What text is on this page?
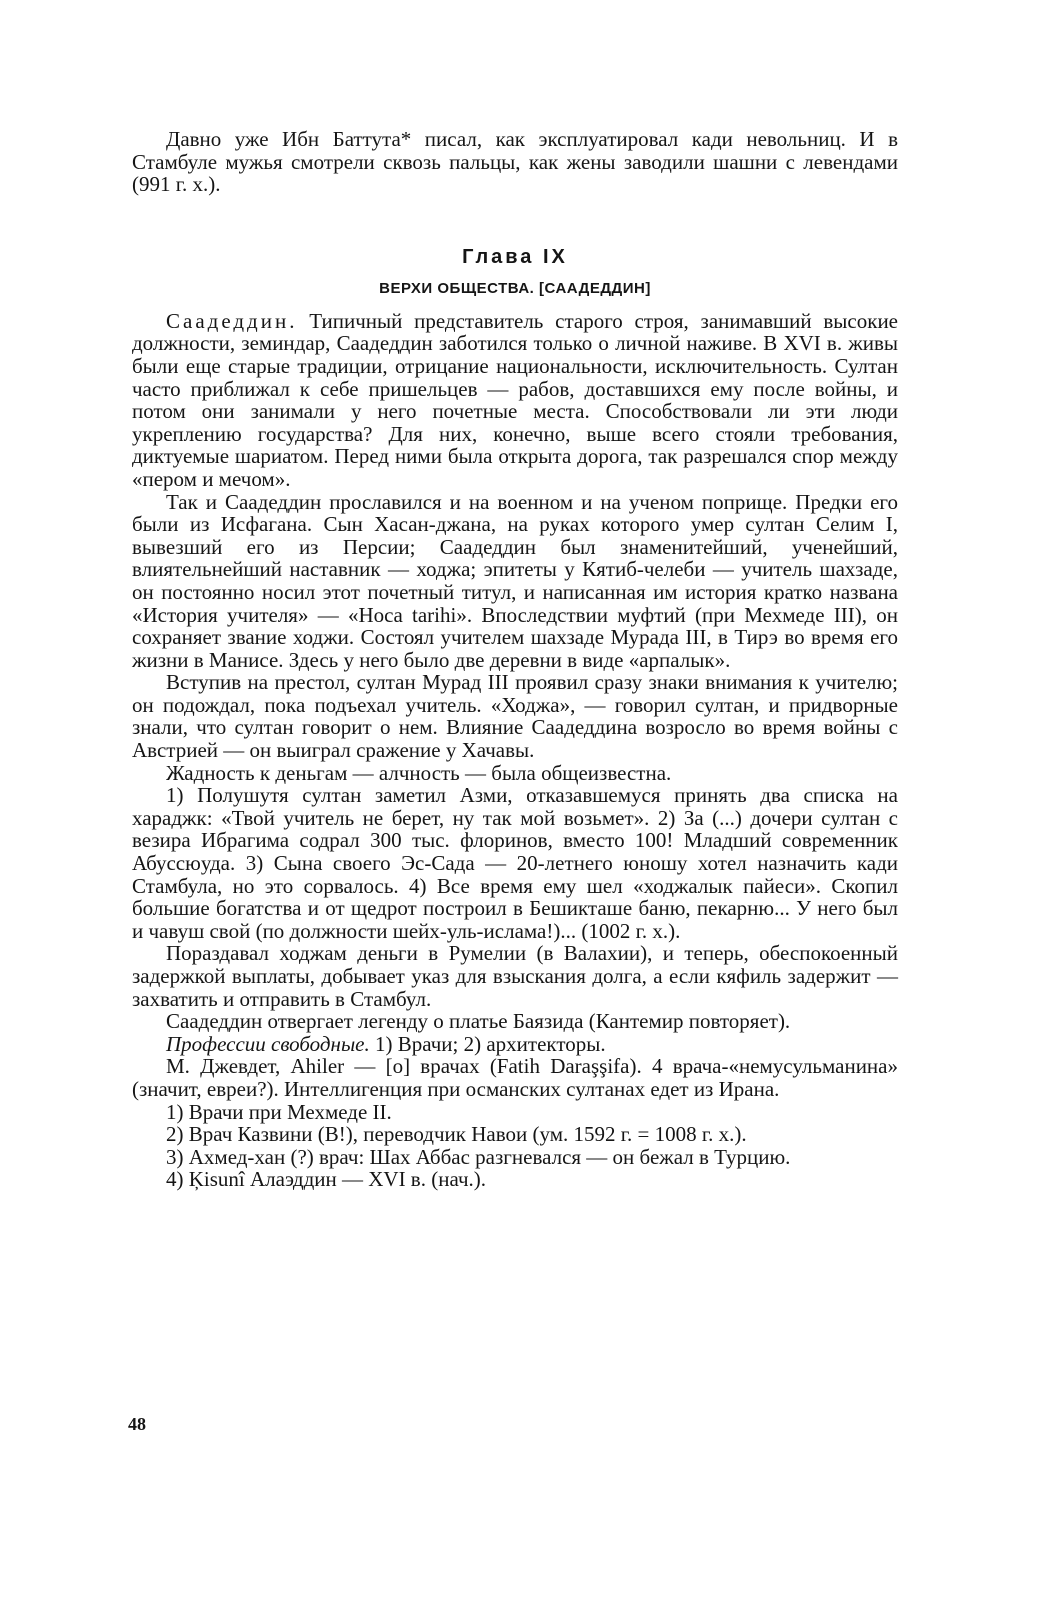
Давно уже Ибн Баттута* писал, как эксплуатировал кади невольниц. И в Стамбуле мужья смотрели сквозь пальцы, как жены заводили шашни с левендами (991 г. х.).

Глава IX
ВЕРХИ ОБЩЕСТВА. [СААДЕДДИН]

Саадеддин. Типичный представитель старого строя, занимавший высокие должности, земиндар, Саадеддин заботился только о личной наживе. В XVI в. живы были еще старые традиции, отрицание национальности, исключительность. Султан часто приближал к себе пришельцев — рабов, доставшихся ему после войны, и потом они занимали у него почетные места. Способствовали ли эти люди укреплению государства? Для них, конечно, выше всего стояли требования, диктуемые шариатом. Перед ними была открыта дорога, так разрешался спор между «пером и мечом».

Так и Саадеддин прославился и на военном и на ученом поприще. Предки его были из Исфагана. Сын Хасан-джана, на руках которого умер султан Селим I, вывезший его из Персии; Саадеддин был знаменитейший, ученейший, влиятельнейший наставник — ходжа; эпитеты у Кятиб-челеби — учитель шахзаде, он постоянно носил этот почетный титул, и написанная им история кратко названа «История учителя» — «Hoca tarihi». Впоследствии муфтий (при Мехмеде III), он сохраняет звание ходжи. Состоял учителем шахзаде Мурада III, в Тирэ во время его жизни в Манисе. Здесь у него было две деревни в виде «арпалык».

Вступив на престол, султан Мурад III проявил сразу знаки внимания к учителю; он подождал, пока подъехал учитель. «Ходжа», — говорил султан, и придворные знали, что султан говорит о нем. Влияние Саадеддина возросло во время войны с Австрией — он выиграл сражение у Хачавы.

Жадность к деньгам — алчность — была общеизвестна.

1) Полушутя султан заметил Азми, отказавшемуся принять два списка на хараджк: «Твой учитель не берет, ну так мой возьмет». 2) За (...) дочери султан с везира Ибрагима содрал 300 тыс. флоринов, вместо 100! Младший современник Абуссюуда. 3) Сына своего Эс-Сада — 20-летнего юношу хотел назначить кади Стамбула, но это сорвалось. 4) Все время ему шел «ходжалык пайеси». Скопил большие богатства и от щедрот построил в Бешикташе баню, пекарню... У него был и чавуш свой (по должности шейх-уль-ислама!)... (1002 г. х.).

Пораздавал ходжам деньги в Румелии (в Валахии), и теперь, обеспокоенный задержкой выплаты, добывает указ для взыскания долга, а если кяфиль задержит — захватить и отправить в Стамбул.

Саадеддин отвергает легенду о платье Баязида (Кантемир повторяет).

Профессии свободные. 1) Врачи; 2) архитекторы.

М. Джевдет, Ahiler — [о] врачах (Fatih Daraşşifa). 4 врача-«немусульманина» (значит, евреи?). Интеллигенция при османских султанах едет из Ирана.

1) Врачи при Мехмеде II.

2) Врач Казвини (В!), переводчик Навои (ум. 1592 г. = 1008 г. х.).

3) Ахмед-хан (?) врач: Шах Аббас разгневался — он бежал в Турцию.

4) Ķisunî Алаэддин — XVI в. (нач.).

48
